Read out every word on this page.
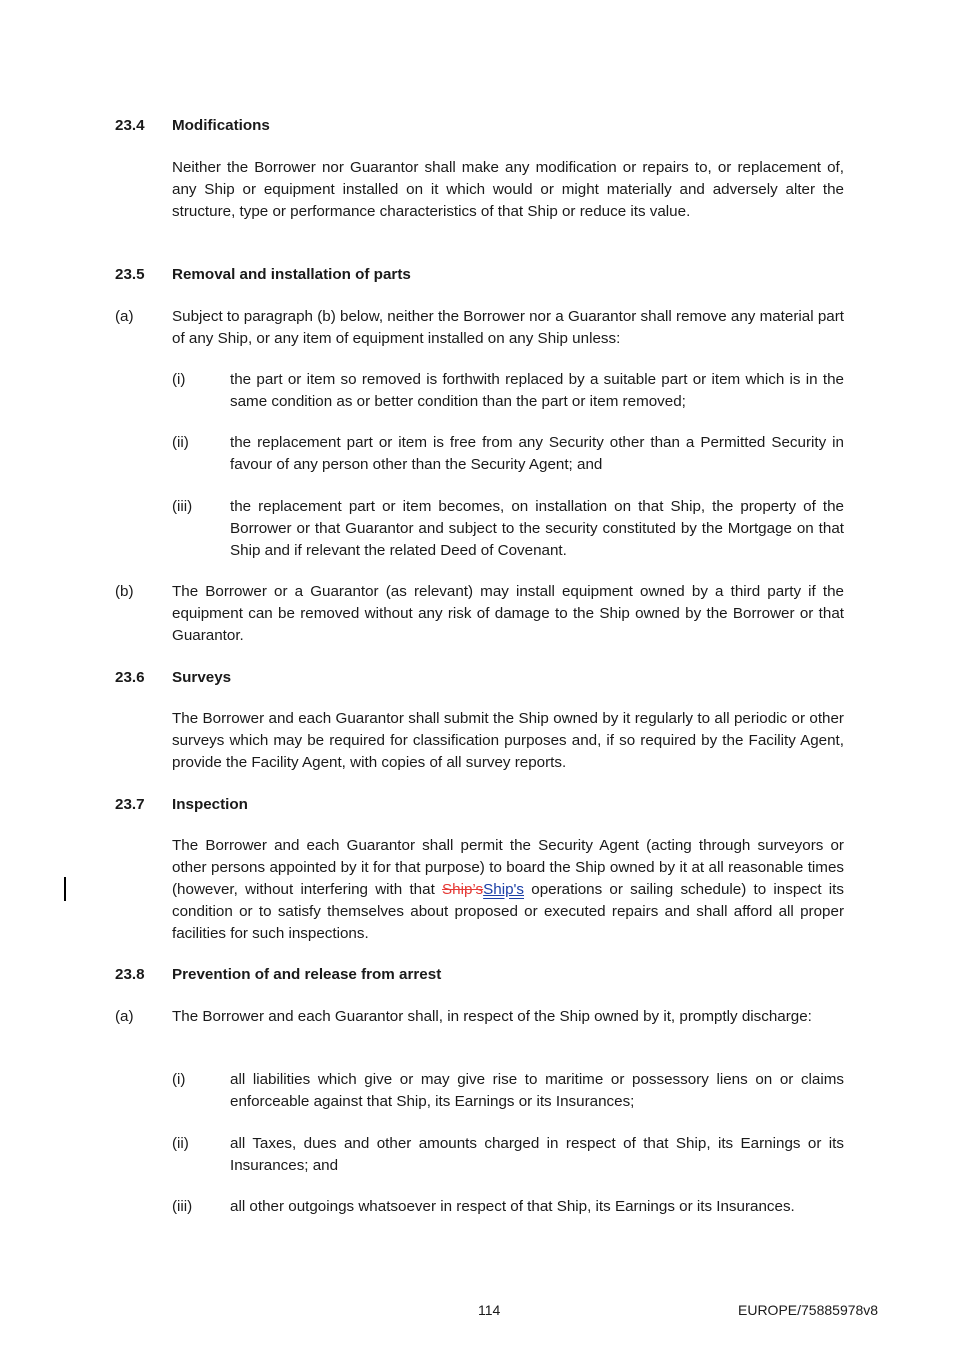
23.4	Modifications

Neither the Borrower nor Guarantor shall make any modification or repairs to, or replacement of, any Ship or equipment installed on it which would or might materially and adversely alter the structure, type or performance characteristics of that Ship or reduce its value.

23.5	Removal and installation of parts
(a)	Subject to paragraph (b) below, neither the Borrower nor a Guarantor shall remove any material part of any Ship, or any item of equipment installed on any Ship unless:

(i)	the part or item so removed is forthwith replaced by a suitable part or item which is in the same condition as or better condition than the part or item removed;

(ii)	the replacement part or item is free from any Security other than a Permitted Security in favour of any person other than the Security Agent; and

(iii) the replacement part or item becomes, on installation on that Ship, the property of the Borrower or that Guarantor and subject to the security constituted by the Mortgage on that Ship and if relevant the related Deed of Covenant.

(b)	The Borrower or a Guarantor (as relevant) may install equipment owned by a third party if the equipment can be removed without any risk of damage to the Ship owned by the Borrower or that Guarantor.

23.6	Surveys

The Borrower and each Guarantor shall submit the Ship owned by it regularly to all periodic or other surveys which may be required for classification purposes and, if so required by the Facility Agent, provide the Facility Agent, with copies of all survey reports.

23.7	Inspection

The Borrower and each Guarantor shall permit the Security Agent (acting through surveyors or other persons appointed by it for that purpose) to board the Ship owned by it at all reasonable times (however, without interfering with that Ship’sShip's operations or sailing schedule) to inspect its condition or to satisfy themselves about proposed or executed repairs and shall afford all proper facilities for such inspections.

23.8	Prevention of and release from arrest
(a)	The Borrower and each Guarantor shall, in respect of the Ship owned by it, promptly discharge:

(i)	all liabilities which give or may give rise to maritime or possessory liens on or claims enforceable against that Ship, its Earnings or its Insurances;

(ii)	all Taxes, dues and other amounts charged in respect of that Ship, its Earnings or its Insurances; and

(iii) all other outgoings whatsoever in respect of that Ship, its Earnings or its Insurances.

114	EUROPE/75885978v8
